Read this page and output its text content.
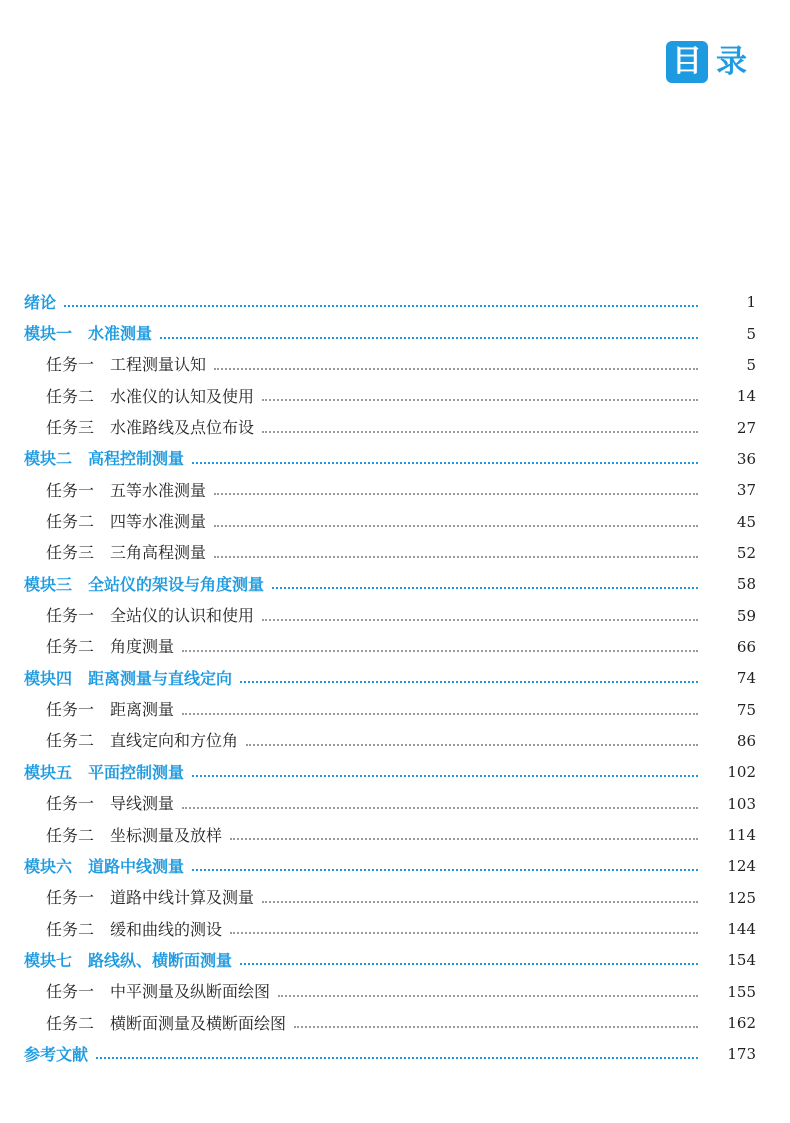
目 录
绪论	1
模块一 水准测量	5
任务一 工程测量认知	5
任务二 水准仪的认知及使用	14
任务三 水准路线及点位布设	27
模块二 高程控制测量	36
任务一 五等水准测量	37
任务二 四等水准测量	45
任务三 三角高程测量	52
模块三 全站仪的架设与角度测量	58
任务一 全站仪的认识和使用	59
任务二 角度测量	66
模块四 距离测量与直线定向	74
任务一 距离测量	75
任务二 直线定向和方位角	86
模块五 平面控制测量	102
任务一 导线测量	103
任务二 坐标测量及放样	114
模块六 道路中线测量	124
任务一 道路中线计算及测量	125
任务二 缓和曲线的测设	144
模块七 路线纵、横断面测量	154
任务一 中平测量及纵断面绘图	155
任务二 横断面测量及横断面绘图	162
参考文献	173
